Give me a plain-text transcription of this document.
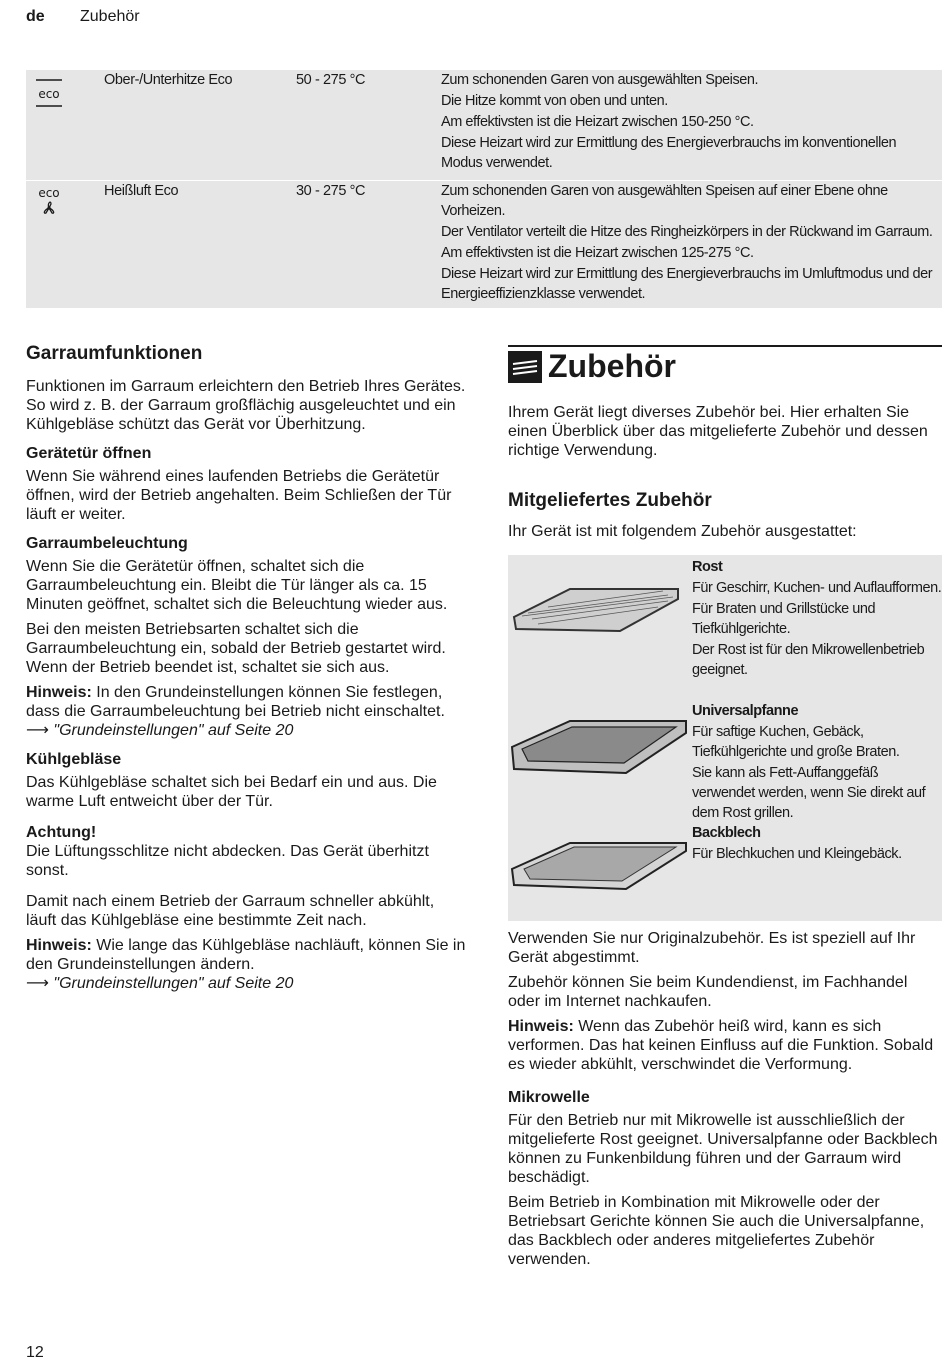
de Zubehör
eco
Ober-/Unterhitze Eco	50 - 275 °C	Zum schonenden Garen von ausgewählten Speisen.

Die Hitze kommt von oben und unten.

Am effektivsten ist die Heizart zwischen 150-250 °C.

Diese Heizart wird zur Ermittlung des Energieverbrauchs im konventionellen Modus verwendet.

eco	Heißluft Eco	30 - 275 °C	Zum schonenden Garen von ausgewählten Speisen auf einer Ebene ohne Vorheizen.

Der Ventilator verteilt die Hitze des Ringheizkörpers in der Rückwand im Garraum.

Am effektivsten ist die Heizart zwischen 125-275 °C.

Diese Heizart wird zur Ermittlung des Energieverbrauchs im Umluftmodus und der Energieeffizienzklasse verwendet.

Garraumfunktionen

Funktionen im Garraum erleichtern den Betrieb Ihres Gerätes. So wird z. B. der Garraum großflächig ausgeleuchtet und ein Kühlgebläse schützt das Gerät vor Überhitzung.

Gerätetür öffnen

Wenn Sie während eines laufenden Betriebs die Gerätetür öffnen, wird der Betrieb angehalten. Beim Schließen der Tür läuft er weiter.

Garraumbeleuchtung

Wenn Sie die Gerätetür öffnen, schaltet sich die Garraumbeleuchtung ein. Bleibt die Tür länger als ca. 15 Minuten geöffnet, schaltet sich die Beleuchtung wieder aus.

Bei den meisten Betriebsarten schaltet sich die Garraumbeleuchtung ein, sobald der Betrieb gestartet wird. Wenn der Betrieb beendet ist, schaltet sie sich aus.

Hinweis: In den Grundeinstellungen können Sie festlegen, dass die Garraumbeleuchtung bei Betrieb nicht einschaltet. ⟶ "Grundeinstellungen" auf Seite 20

Kühlgebläse

Das Kühlgebläse schaltet sich bei Bedarf ein und aus. Die warme Luft entweicht über der Tür.

Achtung!

Die Lüftungsschlitze nicht abdecken. Das Gerät überhitzt sonst.

Damit nach einem Betrieb der Garraum schneller abkühlt, läuft das Kühlgebläse eine bestimmte Zeit nach.

Hinweis: Wie lange das Kühlgebläse nachläuft, können Sie in den Grundeinstellungen ändern.
⟶ "Grundeinstellungen" auf Seite 20

Zubehör

Ihrem Gerät liegt diverses Zubehör bei. Hier erhalten Sie einen Überblick über das mitgelieferte Zubehör und dessen richtige Verwendung.

Mitgeliefertes Zubehör

Ihr Gerät ist mit folgendem Zubehör ausgestattet:

Rost

Für Geschirr, Kuchen- und Auflaufformen.

Für Braten und Grillstücke und Tiefkühlgerichte.

Der Rost ist für den Mikrowellenbetrieb geeignet.

Universalpfanne

Für saftige Kuchen, Gebäck, Tiefkühlgerichte und große Braten.

Sie kann als Fett-Auffanggefäß verwendet werden, wenn Sie direkt auf dem Rost grillen.

Backblech

Für Blechkuchen und Kleingebäck.

Verwenden Sie nur Originalzubehör. Es ist speziell auf Ihr Gerät abgestimmt.

Zubehör können Sie beim Kundendienst, im Fachhandel oder im Internet nachkaufen.

Hinweis: Wenn das Zubehör heiß wird, kann es sich verformen. Das hat keinen Einfluss auf die Funktion. Sobald es wieder abkühlt, verschwindet die Verformung.

Mikrowelle

Für den Betrieb nur mit Mikrowelle ist ausschließlich der mitgelieferte Rost geeignet. Universalpfanne oder Backblech können zu Funkenbildung führen und der Garraum wird beschädigt.

Beim Betrieb in Kombination mit Mikrowelle oder der Betriebsart Gerichte können Sie auch die Universalpfanne, das Backblech oder anderes mitgeliefertes Zubehör verwenden.

12
